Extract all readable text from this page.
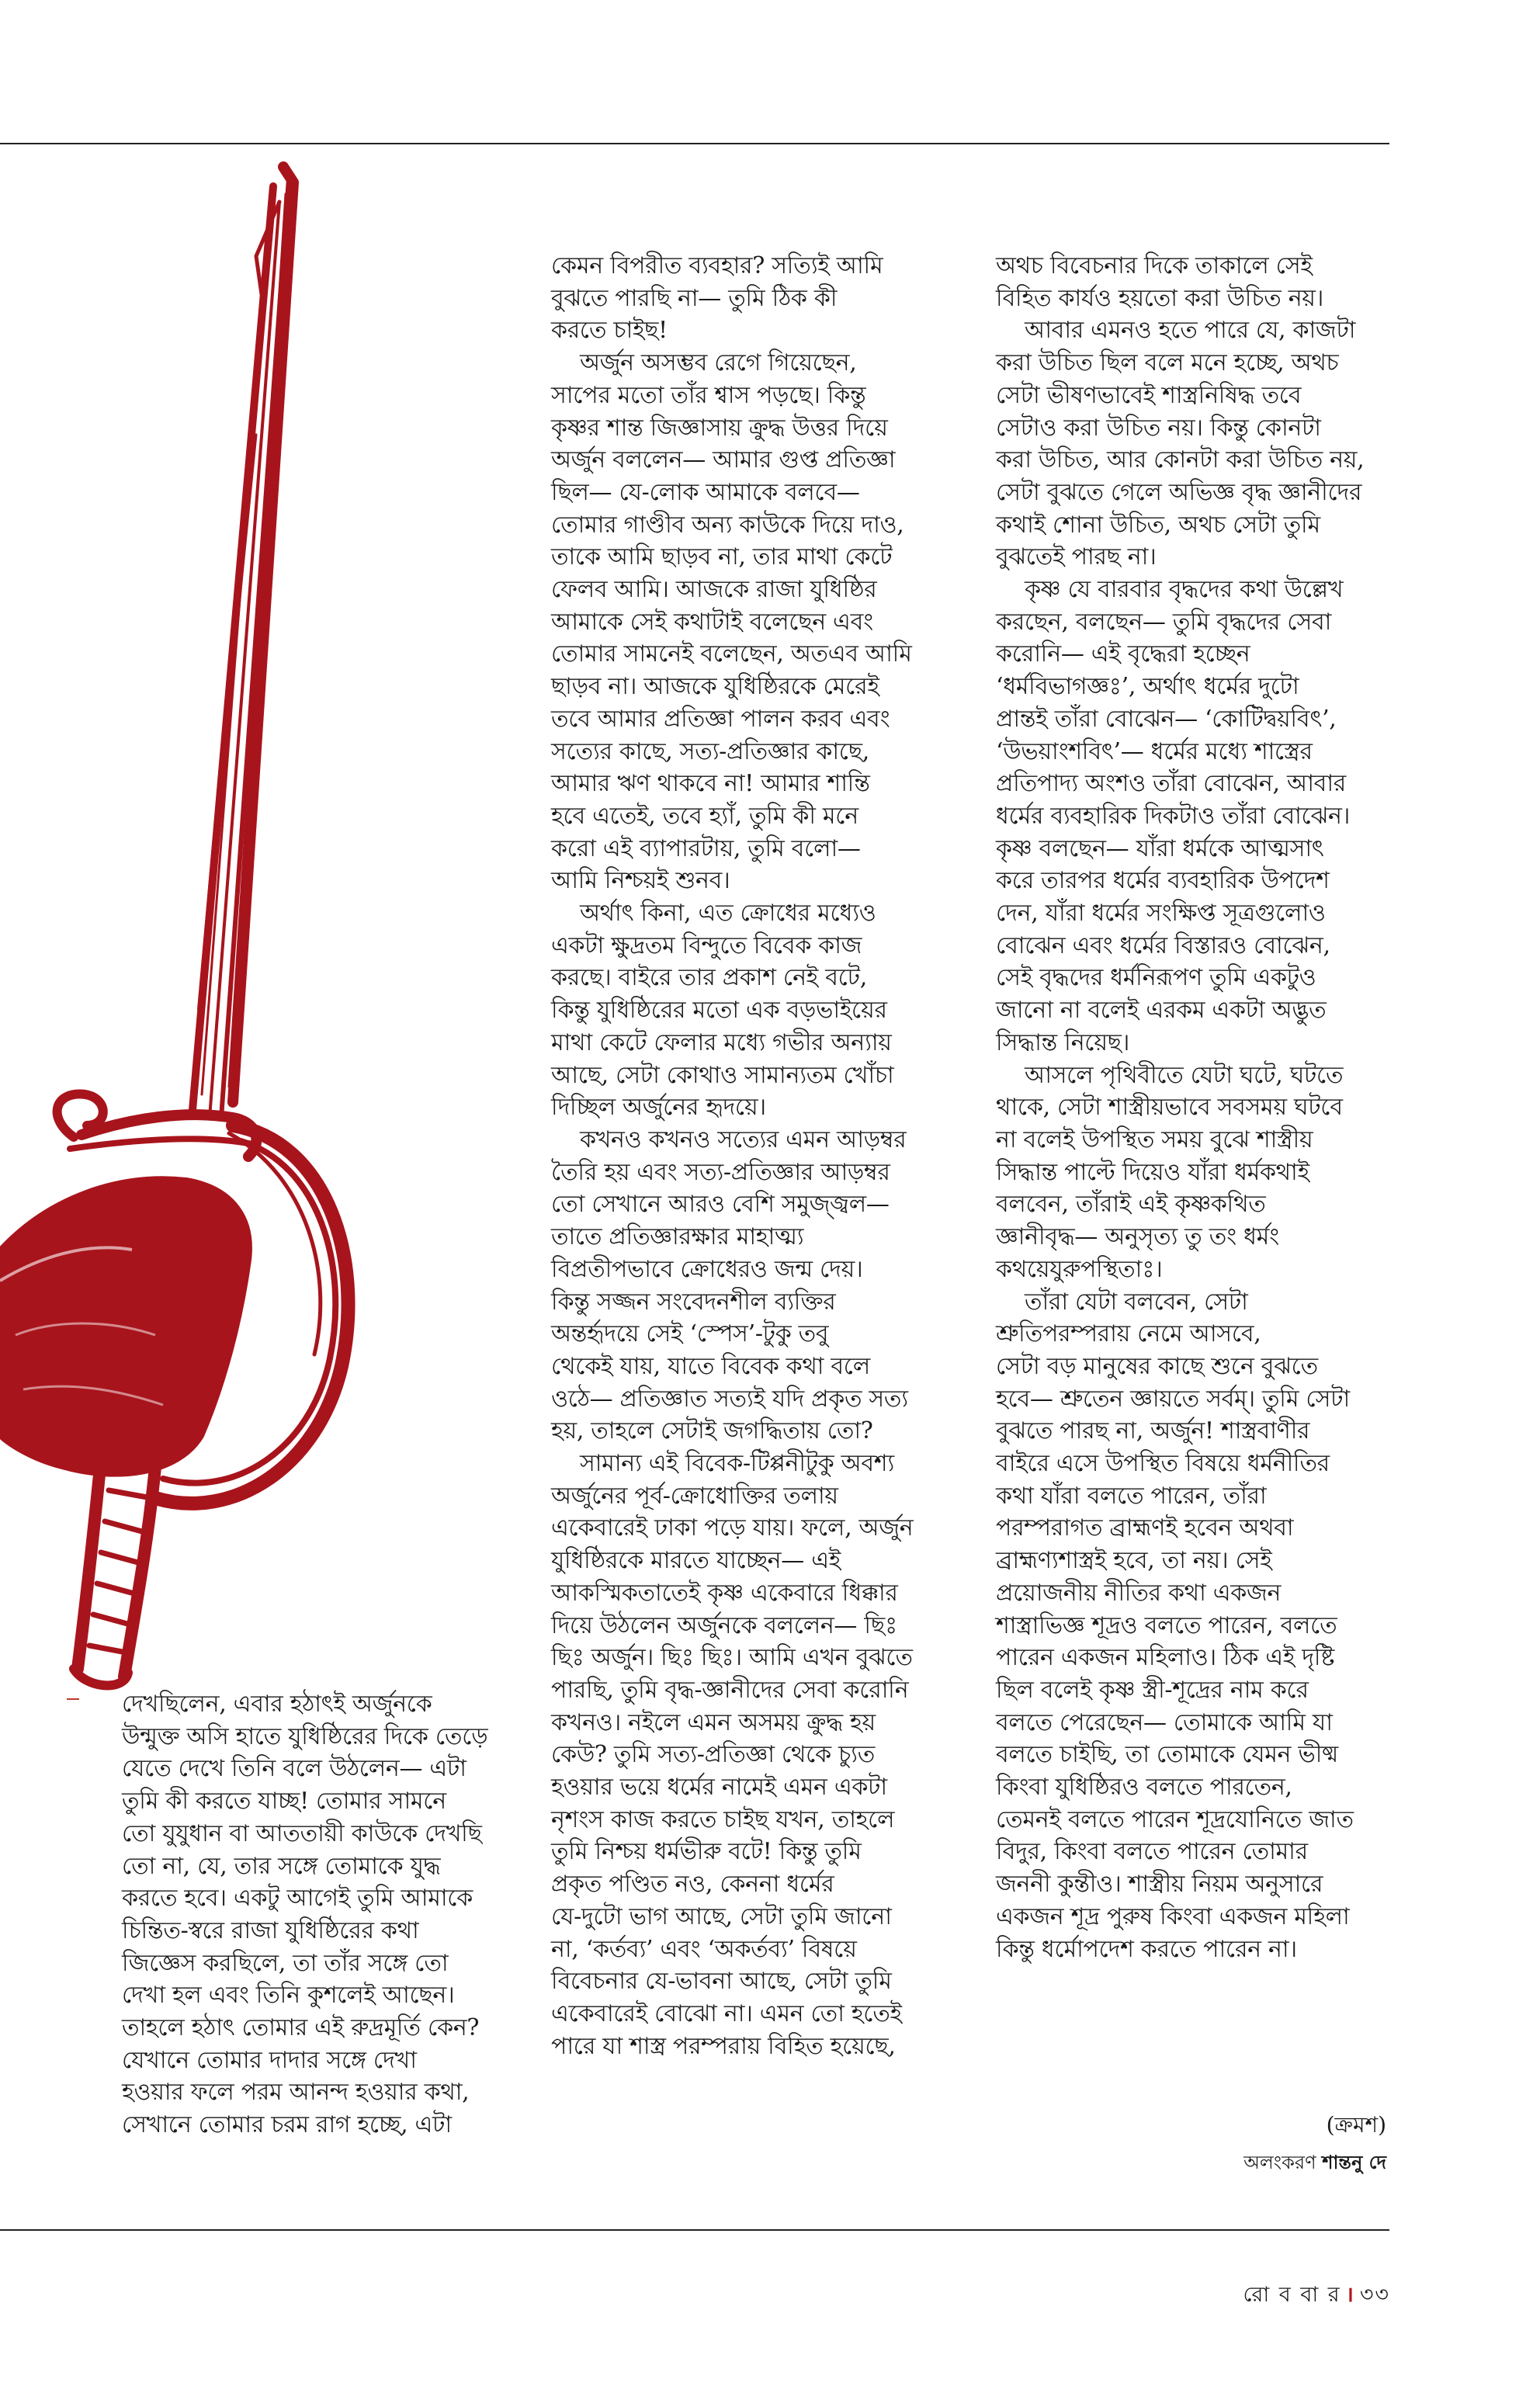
দেখছিলেন, এবার হঠাৎই অর্জুনকে

উন্মুক্ত অসি হাতে যুধিষ্ঠিরের দিকে তেড়ে

যেতে দেখে তিনি বলে উঠলেন— এটা

তুমি কী করতে যাচ্ছ! তোমার সামনে

তো যুযুধান বা আততায়ী কাউকে দেখছি

তো না, যে, তার সঙ্গে তোমাকে যুদ্ধ

করতে হবে। একটু আগেই তুমি আমাকে

চিন্তিত-স্বরে রাজা যুধিষ্ঠিরের কথা

জিজ্ঞেস করছিলে, তা তাঁর সঙ্গে তো

দেখা হল এবং তিনি কুশলেই আছেন।

তাহলে হঠাৎ তোমার এই রুদ্রমূর্তি কেন?

যেখানে তোমার দাদার সঙ্গে দেখা

হওয়ার ফলে পরম আনন্দ হওয়ার কথা,

সেখানে তোমার চরম রাগ হচ্ছে, এটা

কেমন বিপরীত ব্যবহার? সত্যিই আমি

বুঝতে পারছি না— তুমি ঠিক কী

করতে চাইছ!

অর্জুন অসম্ভব রেগে গিয়েছেন,

সাপের মতো তাঁর শ্বাস পড়ছে। কিন্তু

কৃষ্ণর শান্ত জিজ্ঞাসায় ক্রুদ্ধ উত্তর দিয়ে

অর্জুন বললেন— আমার গুপ্ত প্রতিজ্ঞা

ছিল— যে-লোক আমাকে বলবে—

তোমার গাণ্ডীব অন্য কাউকে দিয়ে দাও,

তাকে আমি ছাড়ব না, তার মাথা কেটে

ফেলব আমি। আজকে রাজা যুধিষ্ঠির

আমাকে সেই কথাটাই বলেছেন এবং

তোমার সামনেই বলেছেন, অতএব আমি

ছাড়ব না। আজকে যুধিষ্ঠিরকে মেরেই

তবে আমার প্রতিজ্ঞা পালন করব এবং

সত্যের কাছে, সত্য-প্রতিজ্ঞার কাছে,

আমার ঋণ থাকবে না! আমার শান্তি

হবে এতেই, তবে হ্যাঁ, তুমি কী মনে

করো এই ব্যাপারটায়, তুমি বলো—

আমি নিশ্চয়ই শুনব।

অর্থাৎ কিনা, এত ক্রোধের মধ্যেও

একটা ক্ষুদ্রতম বিন্দুতে বিবেক কাজ

করছে। বাইরে তার প্রকাশ নেই বটে,

কিন্তু যুধিষ্ঠিরের মতো এক বড়ভাইয়ের

মাথা কেটে ফেলার মধ্যে গভীর অন্যায়

আছে, সেটা কোথাও সামান্যতম খোঁচা

দিচ্ছিল অর্জুনের হৃদয়ে।

কখনও কখনও সত্যের এমন আড়ম্বর

তৈরি হয় এবং সত্য-প্রতিজ্ঞার আড়ম্বর

তো সেখানে আরও বেশি সমুজ্জ্বল—

তাতে প্রতিজ্ঞারক্ষার মাহাত্ম্য

বিপ্রতীপভাবে ক্রোধেরও জন্ম দেয়।

কিন্তু সজ্জন সংবেদনশীল ব্যক্তির

অন্তর্হৃদয়ে সেই ‘স্পেস’-টুকু তবু

থেকেই যায়, যাতে বিবেক কথা বলে

ওঠে— প্রতিজ্ঞাত সত্যই যদি প্রকৃত সত্য

হয়, তাহলে সেটাই জগদ্ধিতায় তো?

সামান্য এই বিবেক-টিপ্পনীটুকু অবশ্য

অর্জুনের পূর্ব-ক্রোধোক্তির তলায়

একেবারেই ঢাকা পড়ে যায়। ফলে, অর্জুন

যুধিষ্ঠিরকে মারতে যাচ্ছেন— এই

আকস্মিকতাতেই কৃষ্ণ একেবারে ধিক্কার

দিয়ে উঠলেন অর্জুনকে বললেন— ছিঃ

ছিঃ অর্জুন। ছিঃ ছিঃ। আমি এখন বুঝতে

পারছি, তুমি বৃদ্ধ-জ্ঞানীদের সেবা করোনি

কখনও। নইলে এমন অসময় ক্রুদ্ধ হয়

কেউ? তুমি সত্য-প্রতিজ্ঞা থেকে চ্যুত

হওয়ার ভয়ে ধর্মের নামেই এমন একটা

নৃশংস কাজ করতে চাইছ যখন, তাহলে

তুমি নিশ্চয় ধর্মভীরু বটে! কিন্তু তুমি

প্রকৃত পণ্ডিত নও, কেননা ধর্মের

যে-দুটো ভাগ আছে, সেটা তুমি জানো

না, ‘কর্তব্য’ এবং ‘অকর্তব্য’ বিষয়ে

বিবেচনার যে-ভাবনা আছে, সেটা তুমি

একেবারেই বোঝো না। এমন তো হতেই

পারে যা শাস্ত্র পরম্পরায় বিহিত হয়েছে,

অথচ বিবেচনার দিকে তাকালে সেই

বিহিত কার্যও হয়তো করা উচিত নয়।

আবার এমনও হতে পারে যে, কাজটা

করা উচিত ছিল বলে মনে হচ্ছে, অথচ

সেটা ভীষণভাবেই শাস্ত্রনিষিদ্ধ তবে

সেটাও করা উচিত নয়। কিন্তু কোনটা

করা উচিত, আর কোনটা করা উচিত নয়,

সেটা বুঝতে গেলে অভিজ্ঞ বৃদ্ধ জ্ঞানীদের

কথাই শোনা উচিত, অথচ সেটা তুমি

বুঝতেই পারছ না।

কৃষ্ণ যে বারবার বৃদ্ধদের কথা উল্লেখ

করছেন, বলছেন— তুমি বৃদ্ধদের সেবা

করোনি— এই বৃদ্ধেরা হচ্ছেন

‘ধর্মবিভাগজ্ঞঃ’, অর্থাৎ ধর্মের দুটো

প্রান্তই তাঁরা বোঝেন— ‘কোটিদ্বয়বিৎ’,

‘উভয়াংশবিৎ’— ধর্মের মধ্যে শাস্ত্রের

প্রতিপাদ্য অংশও তাঁরা বোঝেন, আবার

ধর্মের ব্যবহারিক দিকটাও তাঁরা বোঝেন।

কৃষ্ণ বলছেন— যাঁরা ধর্মকে আত্মসাৎ

করে তারপর ধর্মের ব্যবহারিক উপদেশ

দেন, যাঁরা ধর্মের সংক্ষিপ্ত সূত্রগুলোও

বোঝেন এবং ধর্মের বিস্তারও বোঝেন,

সেই বৃদ্ধদের ধর্মনিরূপণ তুমি একটুও

জানো না বলেই এরকম একটা অদ্ভুত

সিদ্ধান্ত নিয়েছ।

আসলে পৃথিবীতে যেটা ঘটে, ঘটতে

থাকে, সেটা শাস্ত্রীয়ভাবে সবসময় ঘটবে

না বলেই উপস্থিত সময় বুঝে শাস্ত্রীয়

সিদ্ধান্ত পাল্টে দিয়েও যাঁরা ধর্মকথাই

বলবেন, তাঁরাই এই কৃষ্ণকথিত

জ্ঞানীবৃদ্ধ— অনুসৃত্য তু তং ধর্মং

কথয়েযুরুপস্থিতাঃ।

তাঁরা যেটা বলবেন, সেটা

শ্রুতিপরম্পরায় নেমে আসবে,

সেটা বড় মানুষের কাছে শুনে বুঝতে

হবে— শ্রুতেন জ্ঞায়তে সর্বম্। তুমি সেটা

বুঝতে পারছ না, অর্জুন! শাস্ত্রবাণীর

বাইরে এসে উপস্থিত বিষয়ে ধর্মনীতির

কথা যাঁরা বলতে পারেন, তাঁরা

পরম্পরাগত ব্রাহ্মণই হবেন অথবা

ব্রাহ্মণ্যশাস্ত্রই হবে, তা নয়। সেই

প্রয়োজনীয় নীতির কথা একজন

শাস্ত্রাভিজ্ঞ শূদ্রও বলতে পারেন, বলতে

পারেন একজন মহিলাও। ঠিক এই দৃষ্টি

ছিল বলেই কৃষ্ণ স্ত্রী-শূদ্রের নাম করে

বলতে পেরেছেন— তোমাকে আমি যা

বলতে চাইছি, তা তোমাকে যেমন ভীষ্ম

কিংবা যুধিষ্ঠিরও বলতে পারতেন,

তেমনই বলতে পারেন শূদ্রযোনিতে জাত

বিদুর, কিংবা বলতে পারেন তোমার

জননী কুন্তীও। শাস্ত্রীয় নিয়ম অনুসারে

একজন শূদ্র পুরুষ কিংবা একজন মহিলা

কিন্তু ধর্মোপদেশ করতে পারেন না।

(ক্রমশ)
অলংকরণ শান্তনু দে
রো ব বা র । ৩৩
